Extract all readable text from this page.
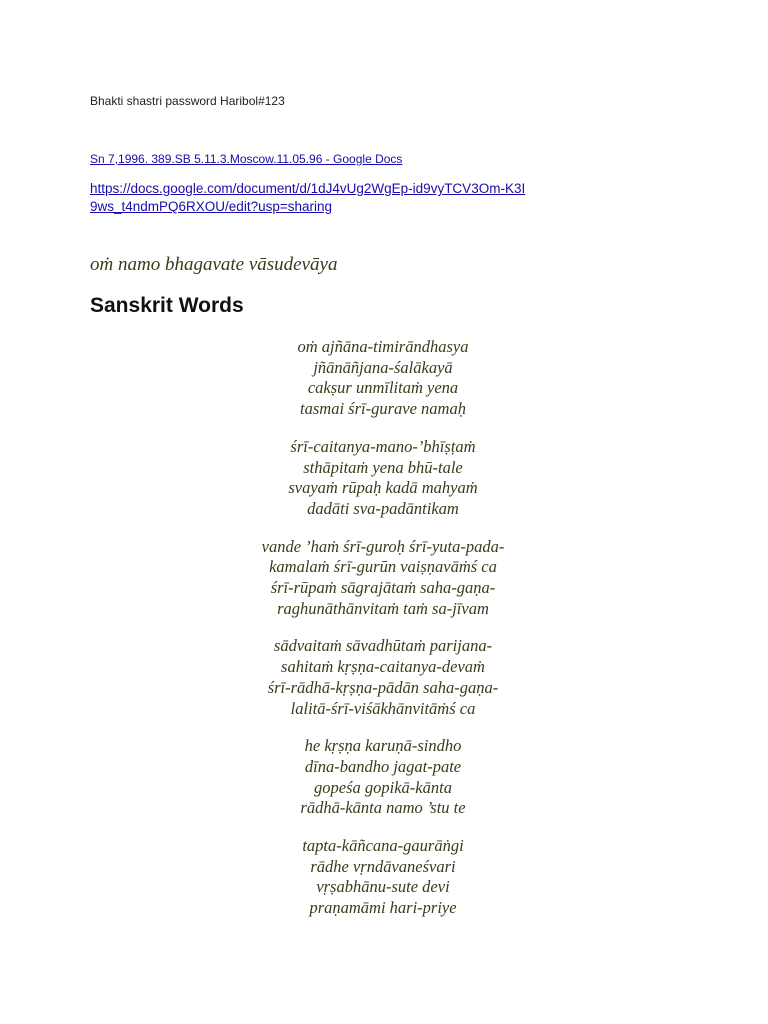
Bhakti shastri password Haribol#123
Sn 7,1996. 389.SB 5.11.3.Moscow.11.05.96 - Google Docs
https://docs.google.com/document/d/1dJ4vUg2WgEp-id9vyTCV3Om-K3I9ws_t4ndmPQ6RXOU/edit?usp=sharing
oṁ namo bhagavate vāsudevāya
Sanskrit Words

oṁ ajñāna-timirāndhasya
jñānāñjana-śalākayā
cakṣur unmīlitaṁ yena
tasmai śrī-gurave namaḥ

śrī-caitanya-mano-’bhīṣṭaṁ
sthāpitaṁ yena bhū-tale
svayaṁ rūpaḥ kadā mahyaṁ
dadāti sva-padāntikam

vande ’haṁ śrī-guroḥ śrī-yuta-pada-
kamalaṁ śrī-gurūn vaiṣṇavāṁś ca
śrī-rūpaṁ sāgrajātaṁ saha-gaṇa-
raghunāthānvitaṁ taṁ sa-jīvam

sādvaitaṁ sāvadhūtaṁ parijana-
sahitaṁ kṛṣṇa-caitanya-devaṁ
śrī-rādhā-kṛṣṇa-pādān saha-gaṇa-
lalitā-śrī-viśākhānvitāṁś ca

he kṛṣṇa karuṇā-sindho
dīna-bandho jagat-pate
gopeśa gopikā-kānta
rādhā-kānta namo ’stu te

tapta-kāñcana-gaurāṅgi
rādhe vṛndāvaneśvari
vṛṣabhānu-sute devi
praṇamāmi hari-priye
